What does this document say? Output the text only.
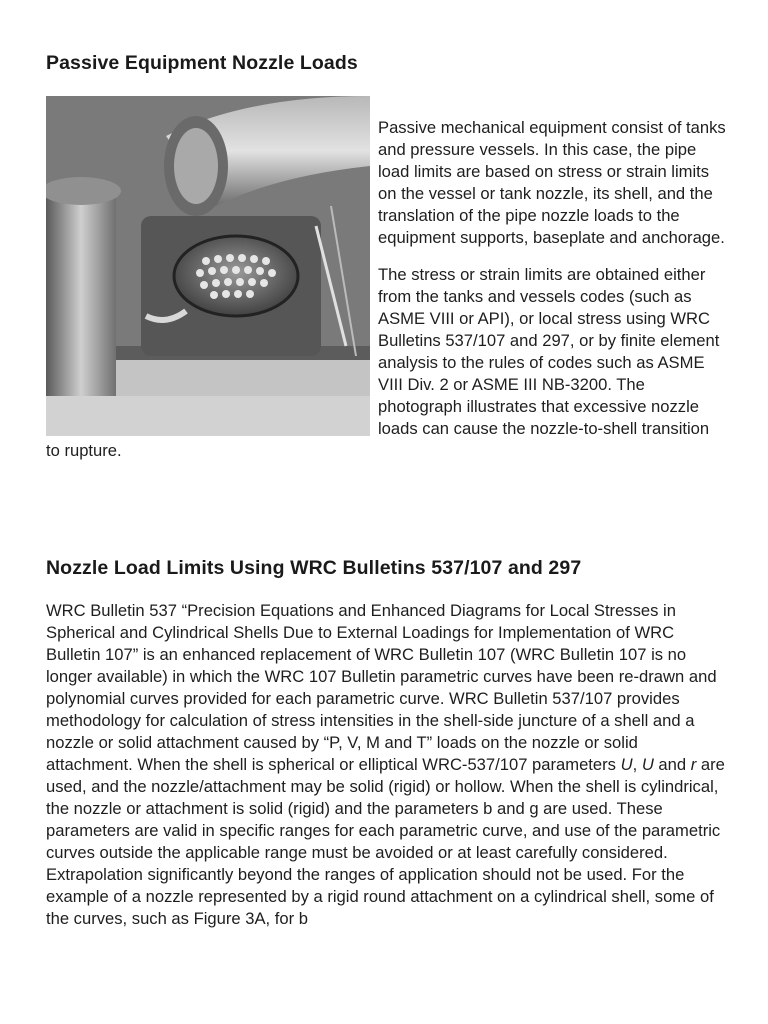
Passive Equipment Nozzle Loads

Passive mechanical equipment consist of tanks and pressure vessels. In this case, the pipe load limits are based on stress or strain limits on the vessel or tank nozzle, its shell, and the translation of the pipe nozzle loads to the equipment supports, baseplate and anchorage.

The stress or strain limits are obtained either from the tanks and vessels codes (such as ASME VIII or API), or local stress using WRC Bulletins 537/107 and 297, or by finite element analysis to the rules of codes such as ASME VIII Div. 2 or ASME III NB-3200. The photograph illustrates that excessive nozzle loads can cause the nozzle-to-shell transition to rupture.

Nozzle Load Limits Using WRC Bulletins 537/107 and 297

WRC Bulletin 537 “Precision Equations and Enhanced Diagrams for Local Stresses in Spherical and Cylindrical Shells Due to External Loadings for Implementation of WRC Bulletin 107” is an enhanced replacement of WRC Bulletin 107 (WRC Bulletin 107 is no longer available) in which the WRC 107 Bulletin parametric curves have been re-drawn and polynomial curves provided for each parametric curve. WRC Bulletin 537/107 provides methodology for calculation of stress intensities in the shell-side juncture of a shell and a nozzle or solid attachment caused by “P, V, M and T” loads on the nozzle or solid attachment. When the shell is spherical or elliptical WRC-537/107 parameters U, U and r are used, and the nozzle/attachment may be solid (rigid) or hollow. When the shell is cylindrical, the nozzle or attachment is solid (rigid) and the parameters b and g are used. These parameters are valid in specific ranges for each parametric curve, and use of the parametric curves outside the applicable range must be avoided or at least carefully considered. Extrapolation significantly beyond the ranges of application should not be used. For the example of a nozzle represented by a rigid round attachment on a cylindrical shell, some of the curves, such as Figure 3A, for b
